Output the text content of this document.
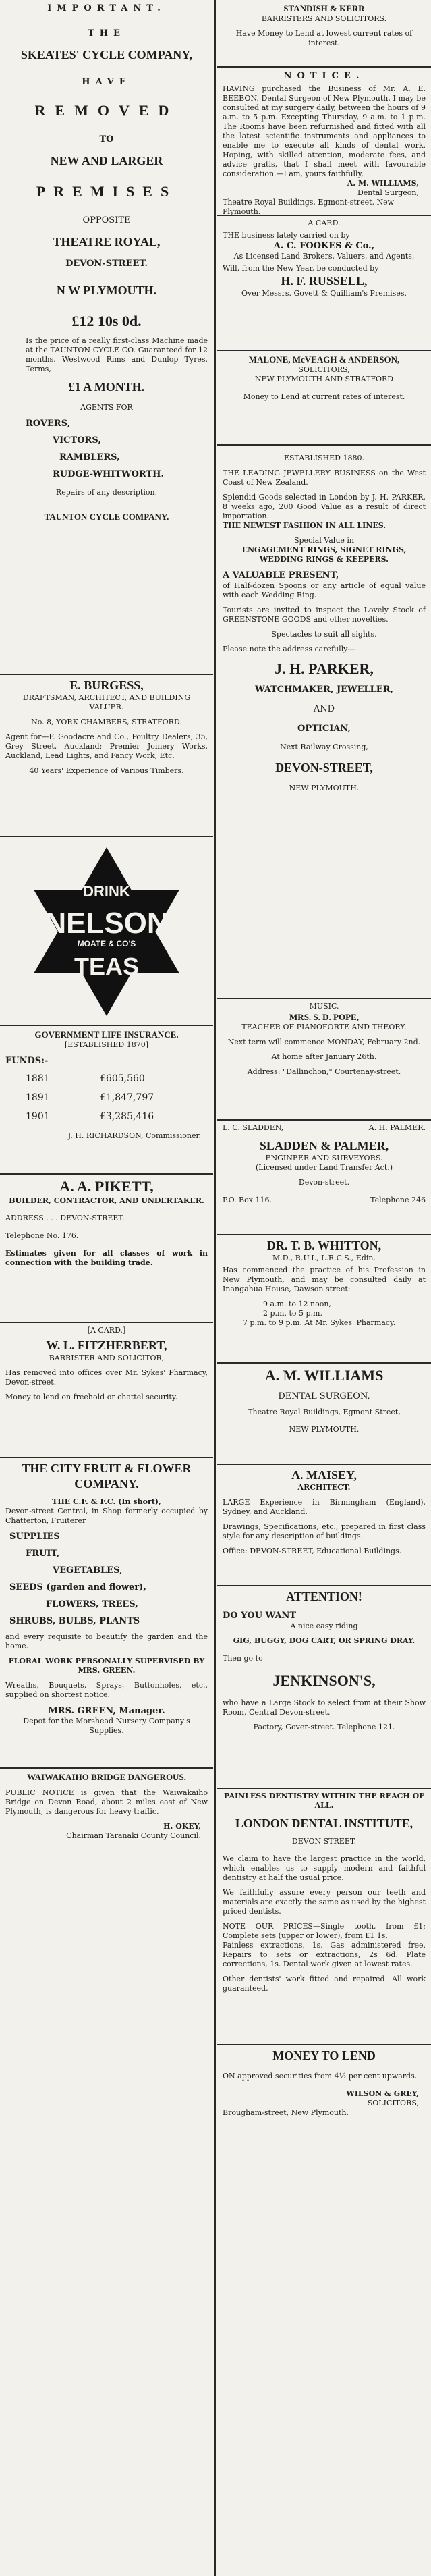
IMPORTANT.

THE

SKEATES' CYCLE COMPANY,

HAVE

REMOVED

TO

NEW AND LARGER

PREMISES

OPPOSITE

THEATRE ROYAL,

DEVON-STREET.

N W PLYMOUTH.

£12 10s 0d.

Is the price of a really first-class Machine made at the TAUNTON CYCLE CO. Guaranteed for 12 months. Westwood Rims and Dunlop Tyres. Terms,

£1 A MONTH.

AGENTS FOR

ROVERS,

VICTORS,

RAMBLERS,

RUDGE-WHITWORTH.

Repairs of any description.

TAUNTON CYCLE COMPANY.

E. BURGESS,

DRAFTSMAN, ARCHITECT, AND BUILDING VALUER.

No. 8, YORK CHAMBERS, STRATFORD.

Agent for—F. Goodacre and Co., Poultry Dealers, 35, Grey Street, Auckland; Premier Joinery Works, Auckland, Lead Lights, and Fancy Work, Etc.

40 Years' Experience of Various Timbers.

DRINK
NELSON
MOATE & CO'S
TEAS

GOVERNMENT LIFE INSURANCE.

[ESTABLISHED 1870]

FUNDS:-

1881	£605,560
1891	£1,847,797
1901	£3,285,416

J. H. RICHARDSON, Commissioner.

A. A. PIKETT,

BUILDER, CONTRACTOR, AND UNDERTAKER.

ADDRESS . . . DEVON-STREET.

Telephone No. 176.

Estimates given for all classes of work in connection with the building trade.

[A CARD.]

W. L. FITZHERBERT,

BARRISTER AND SOLICITOR,

Has removed into offices over Mr. Sykes' Pharmacy, Devon-street.

Money to lend on freehold or chattel security.

THE CITY FRUIT & FLOWER COMPANY.

THE C.F. & F.C. (In short),

Devon-street Central, in Shop formerly occupied by Chatterton, Fruiterer

SUPPLIES

FRUIT,

VEGETABLES,

SEEDS (garden and flower),

FLOWERS, TREES,

SHRUBS, BULBS, PLANTS

and every requisite to beautify the garden and the home.

FLORAL WORK PERSONALLY SUPERVISED BY MRS. GREEN.

Wreaths, Bouquets, Sprays, Buttonholes, etc., supplied on shortest notice.

MRS. GREEN, Manager.

Depot for the Morshead Nursery Company's Supplies.

WAIWAKAIHO BRIDGE DANGEROUS.

PUBLIC NOTICE is given that the Waiwakaiho Bridge on Devon Road, about 2 miles east of New Plymouth, is dangerous for heavy traffic.

H. OKEY,

Chairman Taranaki County Council.

STANDISH & KERR

BARRISTERS AND SOLICITORS.

Have Money to Lend at lowest current rates of interest.

NOTICE.

HAVING purchased the Business of Mr. A. E. BEEBON, Dental Surgeon of New Plymouth, I may be consulted at my surgery daily, between the hours of 9 a.m. to 5 p.m. Excepting Thursday, 9 a.m. to 1 p.m. The Rooms have been refurnished and fitted with all the latest scientific instruments and appliances to enable me to execute all kinds of dental work. Hoping, with skilled attention, moderate fees, and advice gratis, that I shall meet with favourable consideration.—I am, yours faithfully,

A. M. WILLIAMS,

Dental Surgeon,

Theatre Royal Buildings, Egmont-street, New Plymouth.

A CARD.

THE business lately carried on by

A. C. FOOKES & Co.,

As Licensed Land Brokers, Valuers, and Agents,

Will, from the New Year, be conducted by

H. F. RUSSELL,

Over Messrs. Govett & Quilliam's Premises.

MALONE, McVEAGH & ANDERSON,

SOLICITORS,

NEW PLYMOUTH AND STRATFORD

Money to Lend at current rates of interest.

ESTABLISHED 1880.

THE LEADING JEWELLERY BUSINESS on the West Coast of New Zealand.

Splendid Goods selected in London by J. H. PARKER, 8 weeks ago, 200 Good Value as a result of direct importation.

THE NEWEST FASHION IN ALL LINES.

Special Value in

ENGAGEMENT RINGS, SIGNET RINGS, WEDDING RINGS & KEEPERS.

A VALUABLE PRESENT,

of Half-dozen Spoons or any article of equal value with each Wedding Ring.

Tourists are invited to inspect the Lovely Stock of GREENSTONE GOODS and other novelties.

Spectacles to suit all sights.

Please note the address carefully—

J. H. PARKER,

WATCHMAKER, JEWELLER,

AND

OPTICIAN,

Next Railway Crossing,

DEVON-STREET,

NEW PLYMOUTH.

MUSIC.

MRS. S. D. POPE,

TEACHER OF PIANOFORTE AND THEORY.

Next term will commence MONDAY, February 2nd.

At home after January 26th.

Address: "Dallinchon," Courtenay-street.

L. C. SLADDEN,	A. H. PALMER.

SLADDEN & PALMER,

ENGINEER AND SURVEYORS.

(Licensed under Land Transfer Act.)

Devon-street.

P.O. Box 116.	Telephone 246

DR. T. B. WHITTON,

M.D., R.U.I., L.R.C.S., Edin.

Has commenced the practice of his Profession in New Plymouth, and may be consulted daily at Inangahua House, Dawson street:

9 a.m. to 12 noon,

2 p.m. to 5 p.m.

7 p.m. to 9 p.m. At Mr. Sykes' Pharmacy.

A. M. WILLIAMS

DENTAL SURGEON,

Theatre Royal Buildings, Egmont Street,

NEW PLYMOUTH.

A. MAISEY,

ARCHITECT.

LARGE Experience in Birmingham (England), Sydney, and Auckland.

Drawings, Specifications, etc., prepared in first class style for any description of buildings.

Office: DEVON-STREET, Educational Buildings.

ATTENTION!

DO YOU WANT

A nice easy riding

GIG, BUGGY, DOG CART, OR SPRING DRAY.

Then go to

JENKINSON'S,

who have a Large Stock to select from at their Show Room, Central Devon-street.

Factory, Gover-street. Telephone 121.

PAINLESS DENTISTRY WITHIN THE REACH OF ALL.

LONDON DENTAL INSTITUTE,

DEVON STREET.

We claim to have the largest practice in the world, which enables us to supply modern and faithful dentistry at half the usual price.

We faithfully assure every person our teeth and materials are exactly the same as used by the highest priced dentists.

NOTE OUR PRICES—Single tooth, from £1; Complete sets (upper or lower), from £1 1s.

Painless extractions, 1s. Gas administered free. Repairs to sets or extractions, 2s 6d. Plate corrections, 1s. Dental work given at lowest rates.

Other dentists' work fitted and repaired. All work guaranteed.

MONEY TO LEND

ON approved securities from 4½ per cent upwards.

WILSON & GREY,

SOLICITORS,

Brougham-street, New Plymouth.
